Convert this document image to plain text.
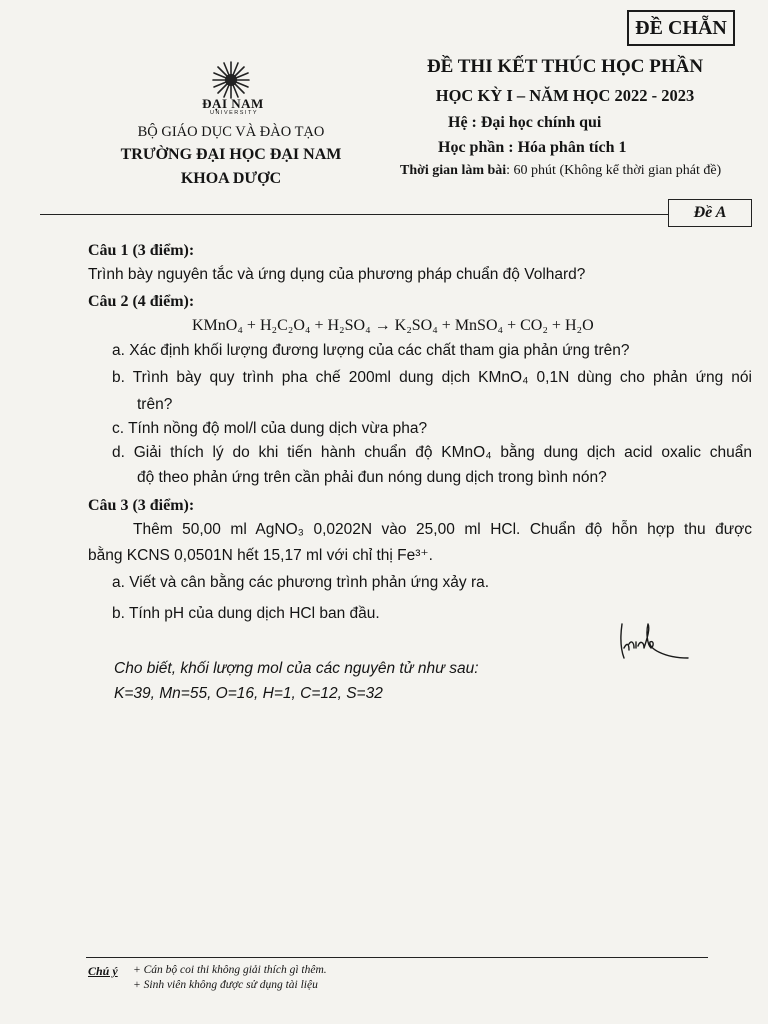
ĐỀ CHẴN
ĐẠI NAM
UNIVERSITY
BỘ GIÁO DỤC VÀ ĐÀO TẠO
TRƯỜNG ĐẠI HỌC ĐẠI NAM
KHOA DƯỢC
ĐỀ THI KẾT THÚC HỌC PHẦN
HỌC KỲ I – NĂM HỌC 2022 - 2023
Hệ : Đại học chính qui
Học phần : Hóa phân tích 1
Thời gian làm bài: 60 phút (Không kể thời gian phát đề)
Đề A
Câu 1 (3 điểm):
Trình bày nguyên tắc và ứng dụng của phương pháp chuẩn độ Volhard?
Câu 2 (4 điểm):
KMnO₄ + H₂C₂O₄ + H₂SO₄ → K₂SO₄ + MnSO₄ + CO₂ + H₂O
a. Xác định khối lượng đương lượng của các chất tham gia phản ứng trên?
b. Trình bày quy trình pha chế 200ml dung dịch KMnO₄ 0,1N dùng cho phản ứng nói
trên?
c. Tính nồng độ mol/l của dung dịch vừa pha?
d. Giải thích lý do khi tiến hành chuẩn độ KMnO₄ bằng dung dịch acid oxalic chuẩn
độ theo phản ứng trên cần phải đun nóng dung dịch trong bình nón?
Câu 3 (3 điểm):
Thêm 50,00 ml AgNO₃ 0,0202N vào 25,00 ml HCl. Chuẩn độ hỗn hợp thu được
bằng KCNS 0,0501N hết 15,17 ml với chỉ thị Fe³⁺.
a. Viết và cân bằng các phương trình phản ứng xảy ra.
b. Tính pH của dung dịch HCl ban đầu.
Cho biết, khối lượng mol của các nguyên tử như sau:
K=39, Mn=55, O=16, H=1, C=12, S=32
Chú ý + Cán bộ coi thi không giải thích gì thêm.
+ Sinh viên không được sử dụng tài liệu
